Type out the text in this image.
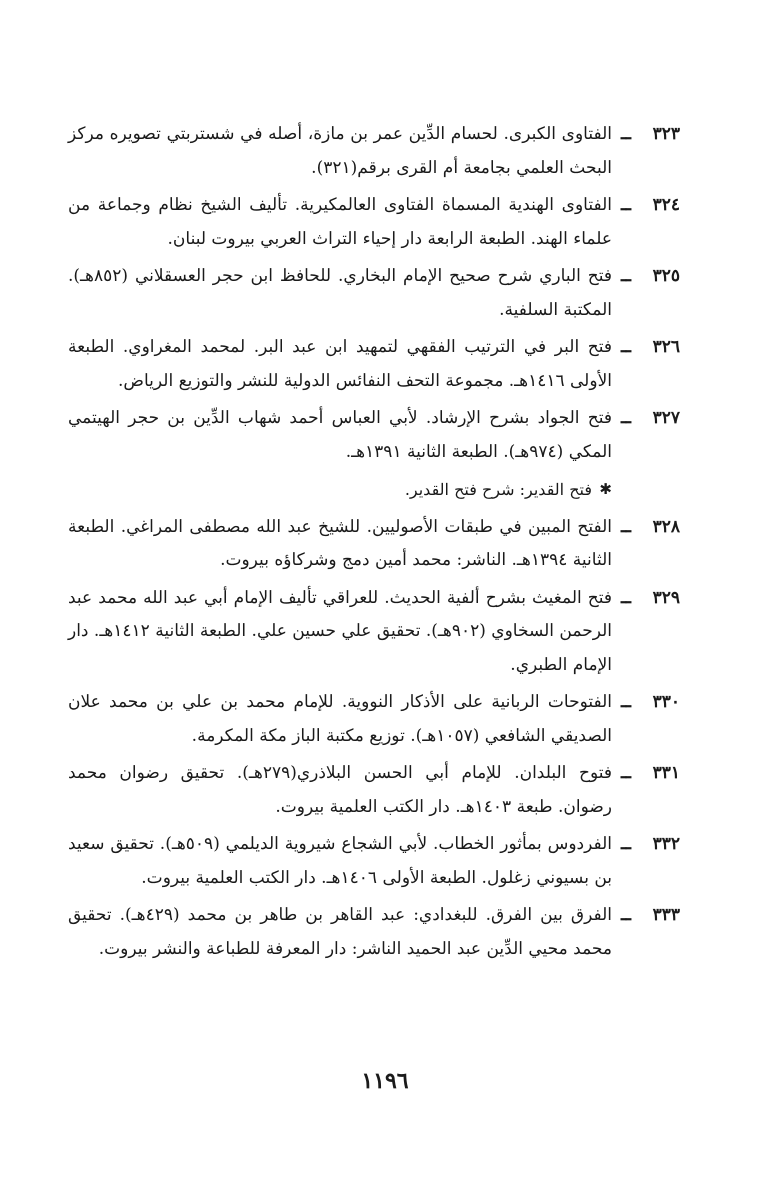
٣٢٣
ــ
الفتاوى الكبرى. لحسام الدِّين عمر بن مازة، أصله في شستربتي تصويره مركز البحث العلمي بجامعة أم القرى برقم(٣٢١).
٣٢٤
ــ
الفتاوى الهندية المسماة الفتاوى العالمكيرية. تأليف الشيخ نظام وجماعة من علماء الهند. الطبعة الرابعة دار إحياء التراث العربي بيروت لبنان.
٣٢٥
ــ
فتح الباري شرح صحيح الإمام البخاري. للحافظ ابن حجر العسقلاني (٨٥٢هـ). المكتبة السلفية.
٣٢٦
ــ
فتح البر في الترتيب الفقهي لتمهيد ابن عبد البر. لمحمد المغراوي. الطبعة الأولى ١٤١٦هـ. مجموعة التحف النفائس الدولية للنشر والتوزيع الرياض.
٣٢٧
ــ
فتح الجواد بشرح الإرشاد. لأبي العباس أحمد شهاب الدِّين بن حجر الهيتمي المكي (٩٧٤هـ). الطبعة الثانية ١٣٩١هـ.
✱
فتح القدير: شرح فتح القدير.
٣٢٨
ــ
الفتح المبين في طبقات الأصوليين. للشيخ عبد الله مصطفى المراغي. الطبعة الثانية ١٣٩٤هـ. الناشر: محمد أمين دمج وشركاؤه بيروت.
٣٢٩
ــ
فتح المغيث بشرح ألفية الحديث. للعراقي تأليف الإمام أبي عبد الله محمد عبد الرحمن السخاوي (٩٠٢هـ). تحقيق علي حسين علي. الطبعة الثانية ١٤١٢هـ. دار الإمام الطبري.
٣٣٠
ــ
الفتوحات الربانية على الأذكار النووية. للإمام محمد بن علي بن محمد علان الصديقي الشافعي (١٠٥٧هـ). توزيع مكتبة الباز مكة المكرمة.
٣٣١
ــ
فتوح البلدان. للإمام أبي الحسن البلاذري(٢٧٩هـ). تحقيق رضوان محمد رضوان. طبعة ١٤٠٣هـ. دار الكتب العلمية بيروت.
٣٣٢
ــ
الفردوس بمأثور الخطاب. لأبي الشجاع شيروية الديلمي (٥٠٩هـ). تحقيق سعيد بن بسيوني زغلول. الطبعة الأولى ١٤٠٦هـ. دار الكتب العلمية بيروت.
٣٣٣
ــ
الفرق بين الفرق. للبغدادي: عبد القاهر بن طاهر بن محمد (٤٢٩هـ). تحقيق محمد محيي الدِّين عبد الحميد الناشر: دار المعرفة للطباعة والنشر بيروت.
١١٩٦
